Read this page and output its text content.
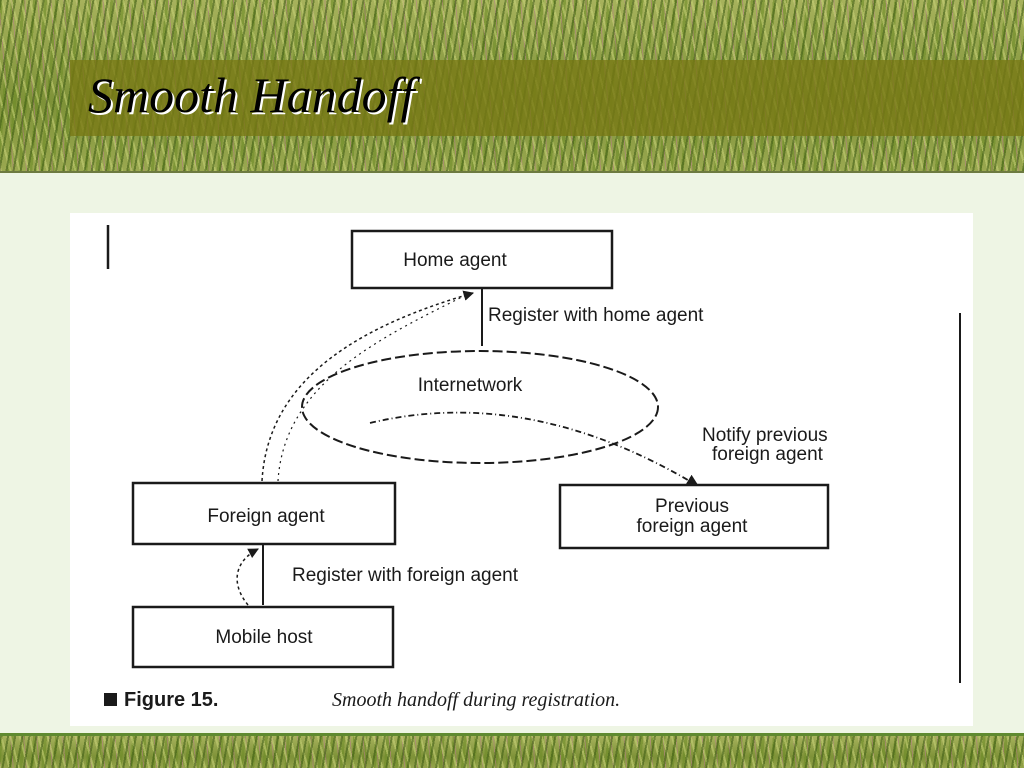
Smooth Handoff
Home agent
Register with home agent
Internetwork
Foreign agent	Previous
foreign agent
Notify previous
foreign agent
Register with foreign agent
Mobile host
Figure 15.	Smooth handoff during registration.
